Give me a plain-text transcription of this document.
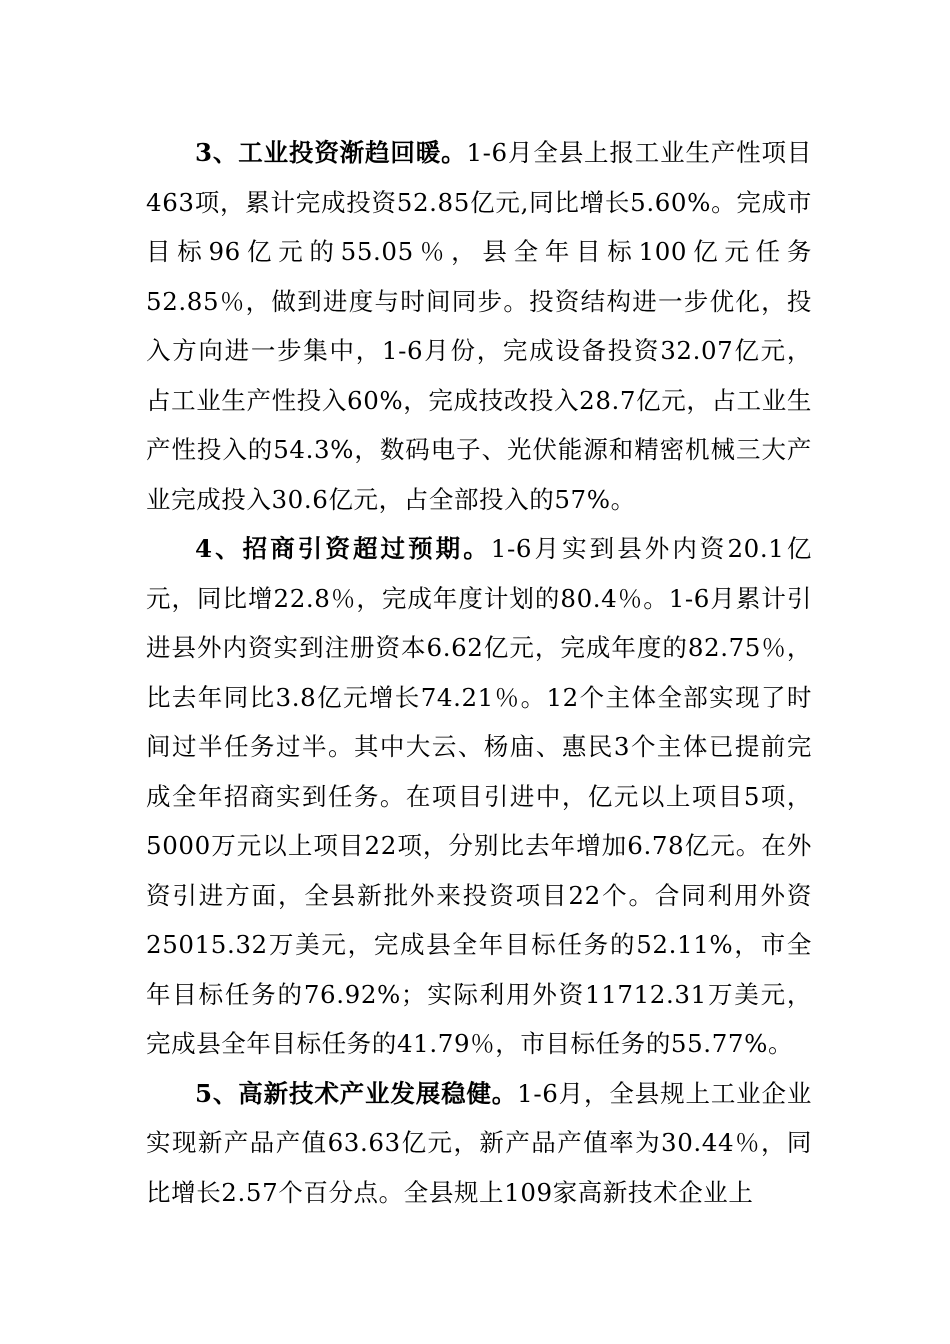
3、工业投资渐趋回暖。1-6月全县上报工业生产性项目463项，累计完成投资52.85亿元,同比增长5.60%。完成市目标96亿元的55.05％，县全年目标100亿元任务52.85％，做到进度与时间同步。投资结构进一步优化，投入方向进一步集中，1-6月份，完成设备投资32.07亿元，占工业生产性投入60%，完成技改投入28.7亿元，占工业生产性投入的54.3%，数码电子、光伏能源和精密机械三大产业完成投入30.6亿元，占全部投入的57%。

4、招商引资超过预期。1-6月实到县外内资20.1亿元，同比增22.8％，完成年度计划的80.4％。1-6月累计引进县外内资实到注册资本6.62亿元，完成年度的82.75％，比去年同比3.8亿元增长74.21％。12个主体全部实现了时间过半任务过半。其中大云、杨庙、惠民3个主体已提前完成全年招商实到任务。在项目引进中，亿元以上项目5项，5000万元以上项目22项，分别比去年增加6.78亿元。在外资引进方面，全县新批外来投资项目22个。合同利用外资25015.32万美元，完成县全年目标任务的52.11%，市全年目标任务的76.92%；实际利用外资11712.31万美元，完成县全年目标任务的41.79％，市目标任务的55.77%。

5、高新技术产业发展稳健。1-6月，全县规上工业企业实现新产品产值63.63亿元，新产品产值率为30.44％，同比增长2.57个百分点。全县规上109家高新技术企业上
